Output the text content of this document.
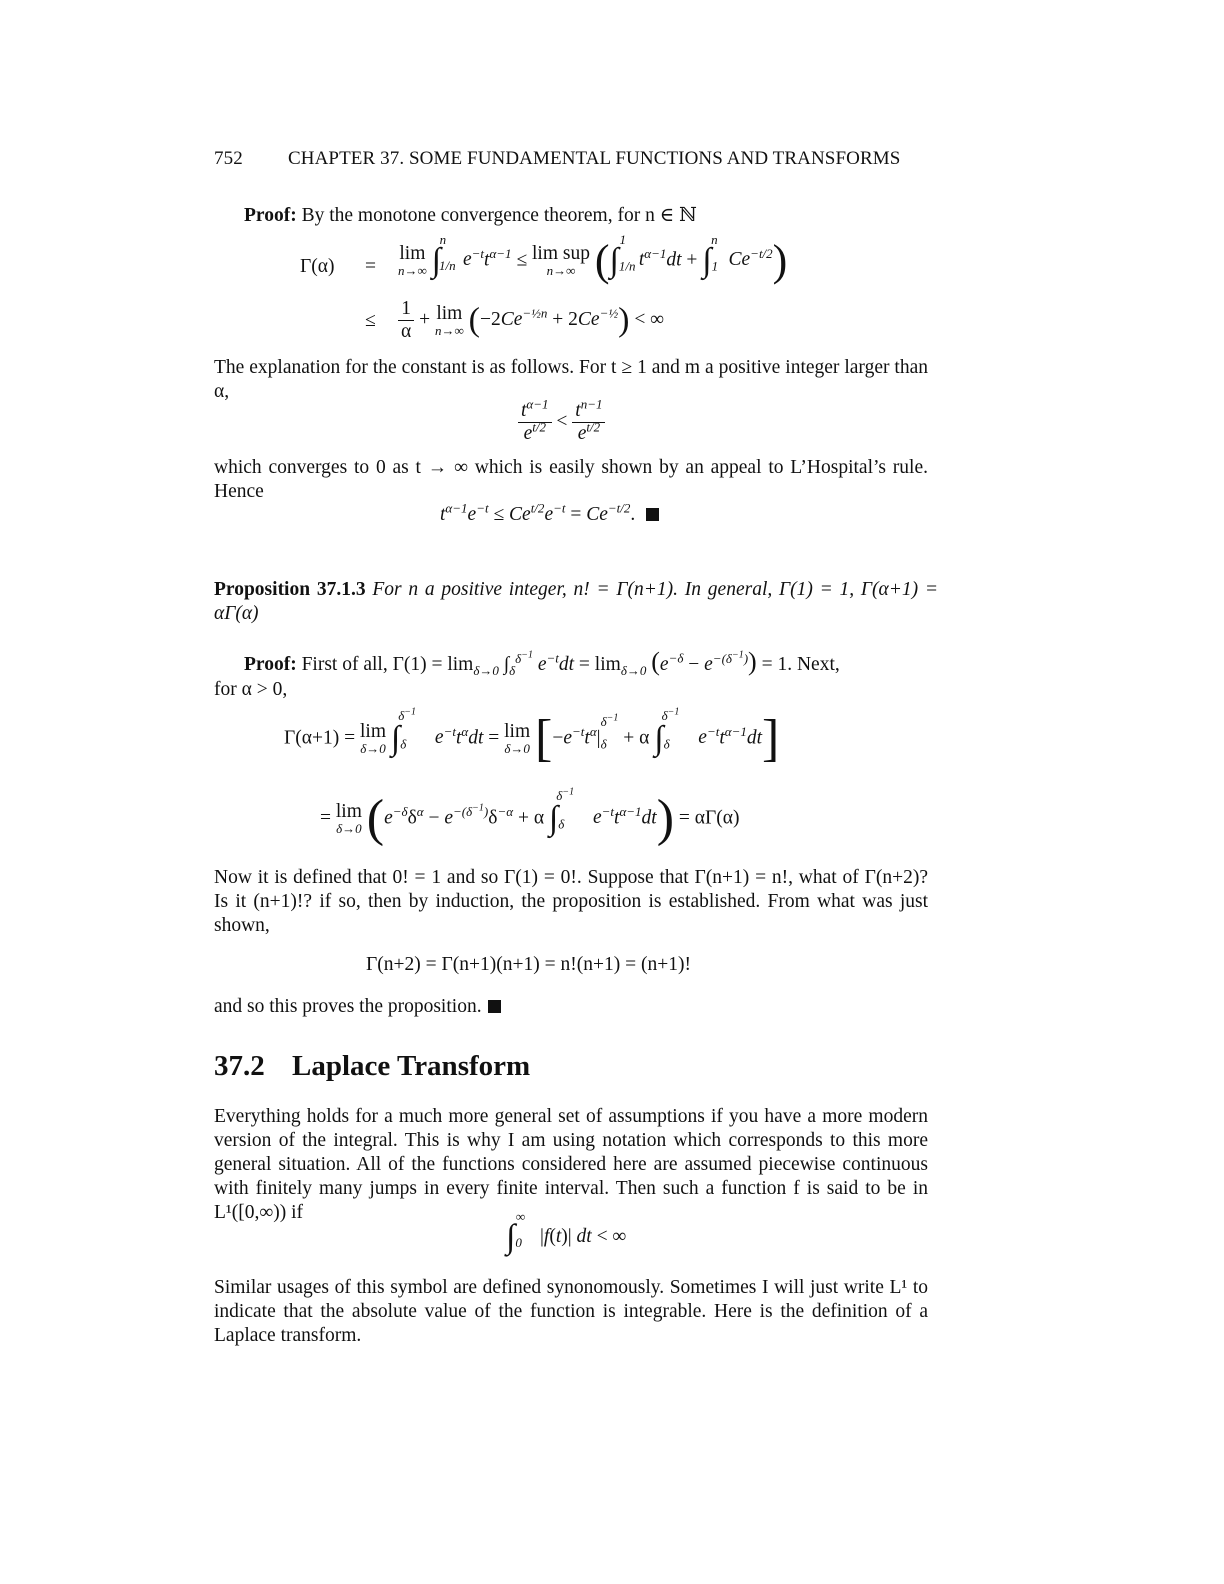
752 CHAPTER 37. SOME FUNDAMENTAL FUNCTIONS AND TRANSFORMS
Proof: By the monotone convergence theorem, for n ∈ ℕ
Γ(α) =
lim
n→∞ $\int_{1/n}^n$ $e^{-t}t^{\alpha-1} \le \lim$ sup
n→∞ ($\int_{1/n}^1$ $t^{\alpha-1}dt + \int_1^n$ $Ce^{-t/2}$)
≤ $\frac{1}{\alpha} + \lim$
n→∞ $(-2Ce^{-\frac{1}{2}n} + 2Ce^{-\frac{1}{2}})$ < ∞
The explanation for the constant is as follows. For t ≥ 1 and m a positive integer larger than α,
$\frac{t^{\alpha-1}}{e^{t/2}} < \frac{t^{n-1}}{e^{t/2}}$
which converges to 0 as t → ∞ which is easily shown by an appeal to L’Hospital’s rule. Hence
$t^{\alpha-1}e^{-t} \le Ce^{t/2}e^{-t} = Ce^{-t/2}$.
Proposition 37.1.3 For n a positive integer, n! = Γ(n+1). In general, Γ(1) = 1, Γ(α+1) = αΓ(α)
Proof: First of all, $\Gamma(1) = \lim_{\delta\to 0} \int_\delta^{\delta^{-1}}$ $e^{-t}dt = \lim_{\delta\to 0} (e^{-\delta} - e^{-(\delta^{-1})}) = 1$. Next,
for α > 0,
Γ(α+1) = lim
δ→0 $\int_\delta^{\delta^{-1}}$ $e^{-t}t^\alpha dt = \lim$
δ→0 [$-e^{-t}t^\alpha|_\delta^{\delta^{-1}} + \alpha$ $\int_\delta^{\delta^{-1}}$ $e^{-t}t^{\alpha-1}dt$]
= lim
δ→0 ($e^{-\delta}\delta^\alpha - e^{-(\delta^{-1})}\delta^{-\alpha} + \alpha$ $\int_\delta^{\delta^{-1}}$ $e^{-t}t^{\alpha-1}dt) = \alpha\Gamma(\alpha)$
Now it is defined that 0! = 1 and so Γ(1) = 0!. Suppose that Γ(n+1) = n!, what of Γ(n+2)? Is it (n+1)!? if so, then by induction, the proposition is established. From what was just shown,
Γ(n+2) = Γ(n+1)(n+1) = n!(n+1) = (n+1)!
and so this proves the proposition.
37.2 Laplace Transform
Everything holds for a much more general set of assumptions if you have a more modern version of the integral. This is why I am using notation which corresponds to this more general situation. All of the functions considered here are assumed piecewise continuous with finitely many jumps in every finite interval. Then such a function f is said to be in L¹([0,∞)) if
$\int_0^\infty$ |f(t)| dt < ∞
Similar usages of this symbol are defined synonomously. Sometimes I will just write L¹ to indicate that the absolute value of the function is integrable. Here is the definition of a Laplace transform.
